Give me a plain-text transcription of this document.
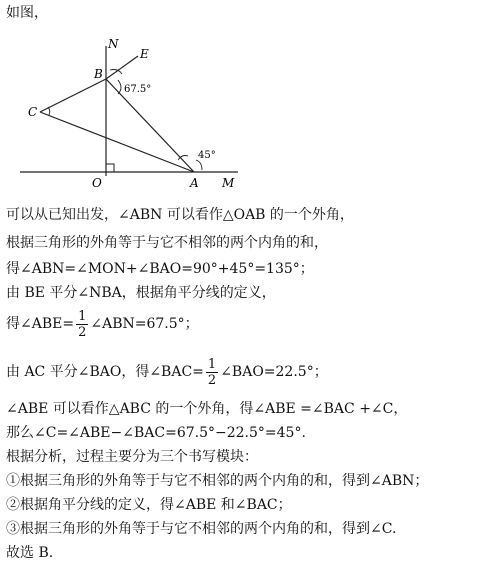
如图，
N
E
B
C
O	A M
67.5°
45°
可以从已知出发，∠ABN 可以看作△OAB 的一个外角，
根据三角形的外角等于与它不相邻的两个内角的和，
得∠ABN=∠MON+∠BAO=90°+45°=135°；
由 BE 平分∠NBA，根据角平分线的定义，
得∠ABE= $\frac{1}{2}$ ∠ABN=67.5°；
由 AC 平分∠BAO，得∠BAC= $\frac{1}{2}$ ∠BAO=22.5°；
∠ABE 可以看作△ABC 的一个外角，得∠ABE =∠BAC +∠C，
那么∠C=∠ABE−∠BAC=67.5°−22.5°=45°.
根据分析，过程主要分为三个书写模块：
①根据三角形的外角等于与它不相邻的两个内角的和，得到∠ABN；
②根据角平分线的定义，得∠ABE 和∠BAC；
③根据三角形的外角等于与它不相邻的两个内角的和，得到∠C.
故选 B.
